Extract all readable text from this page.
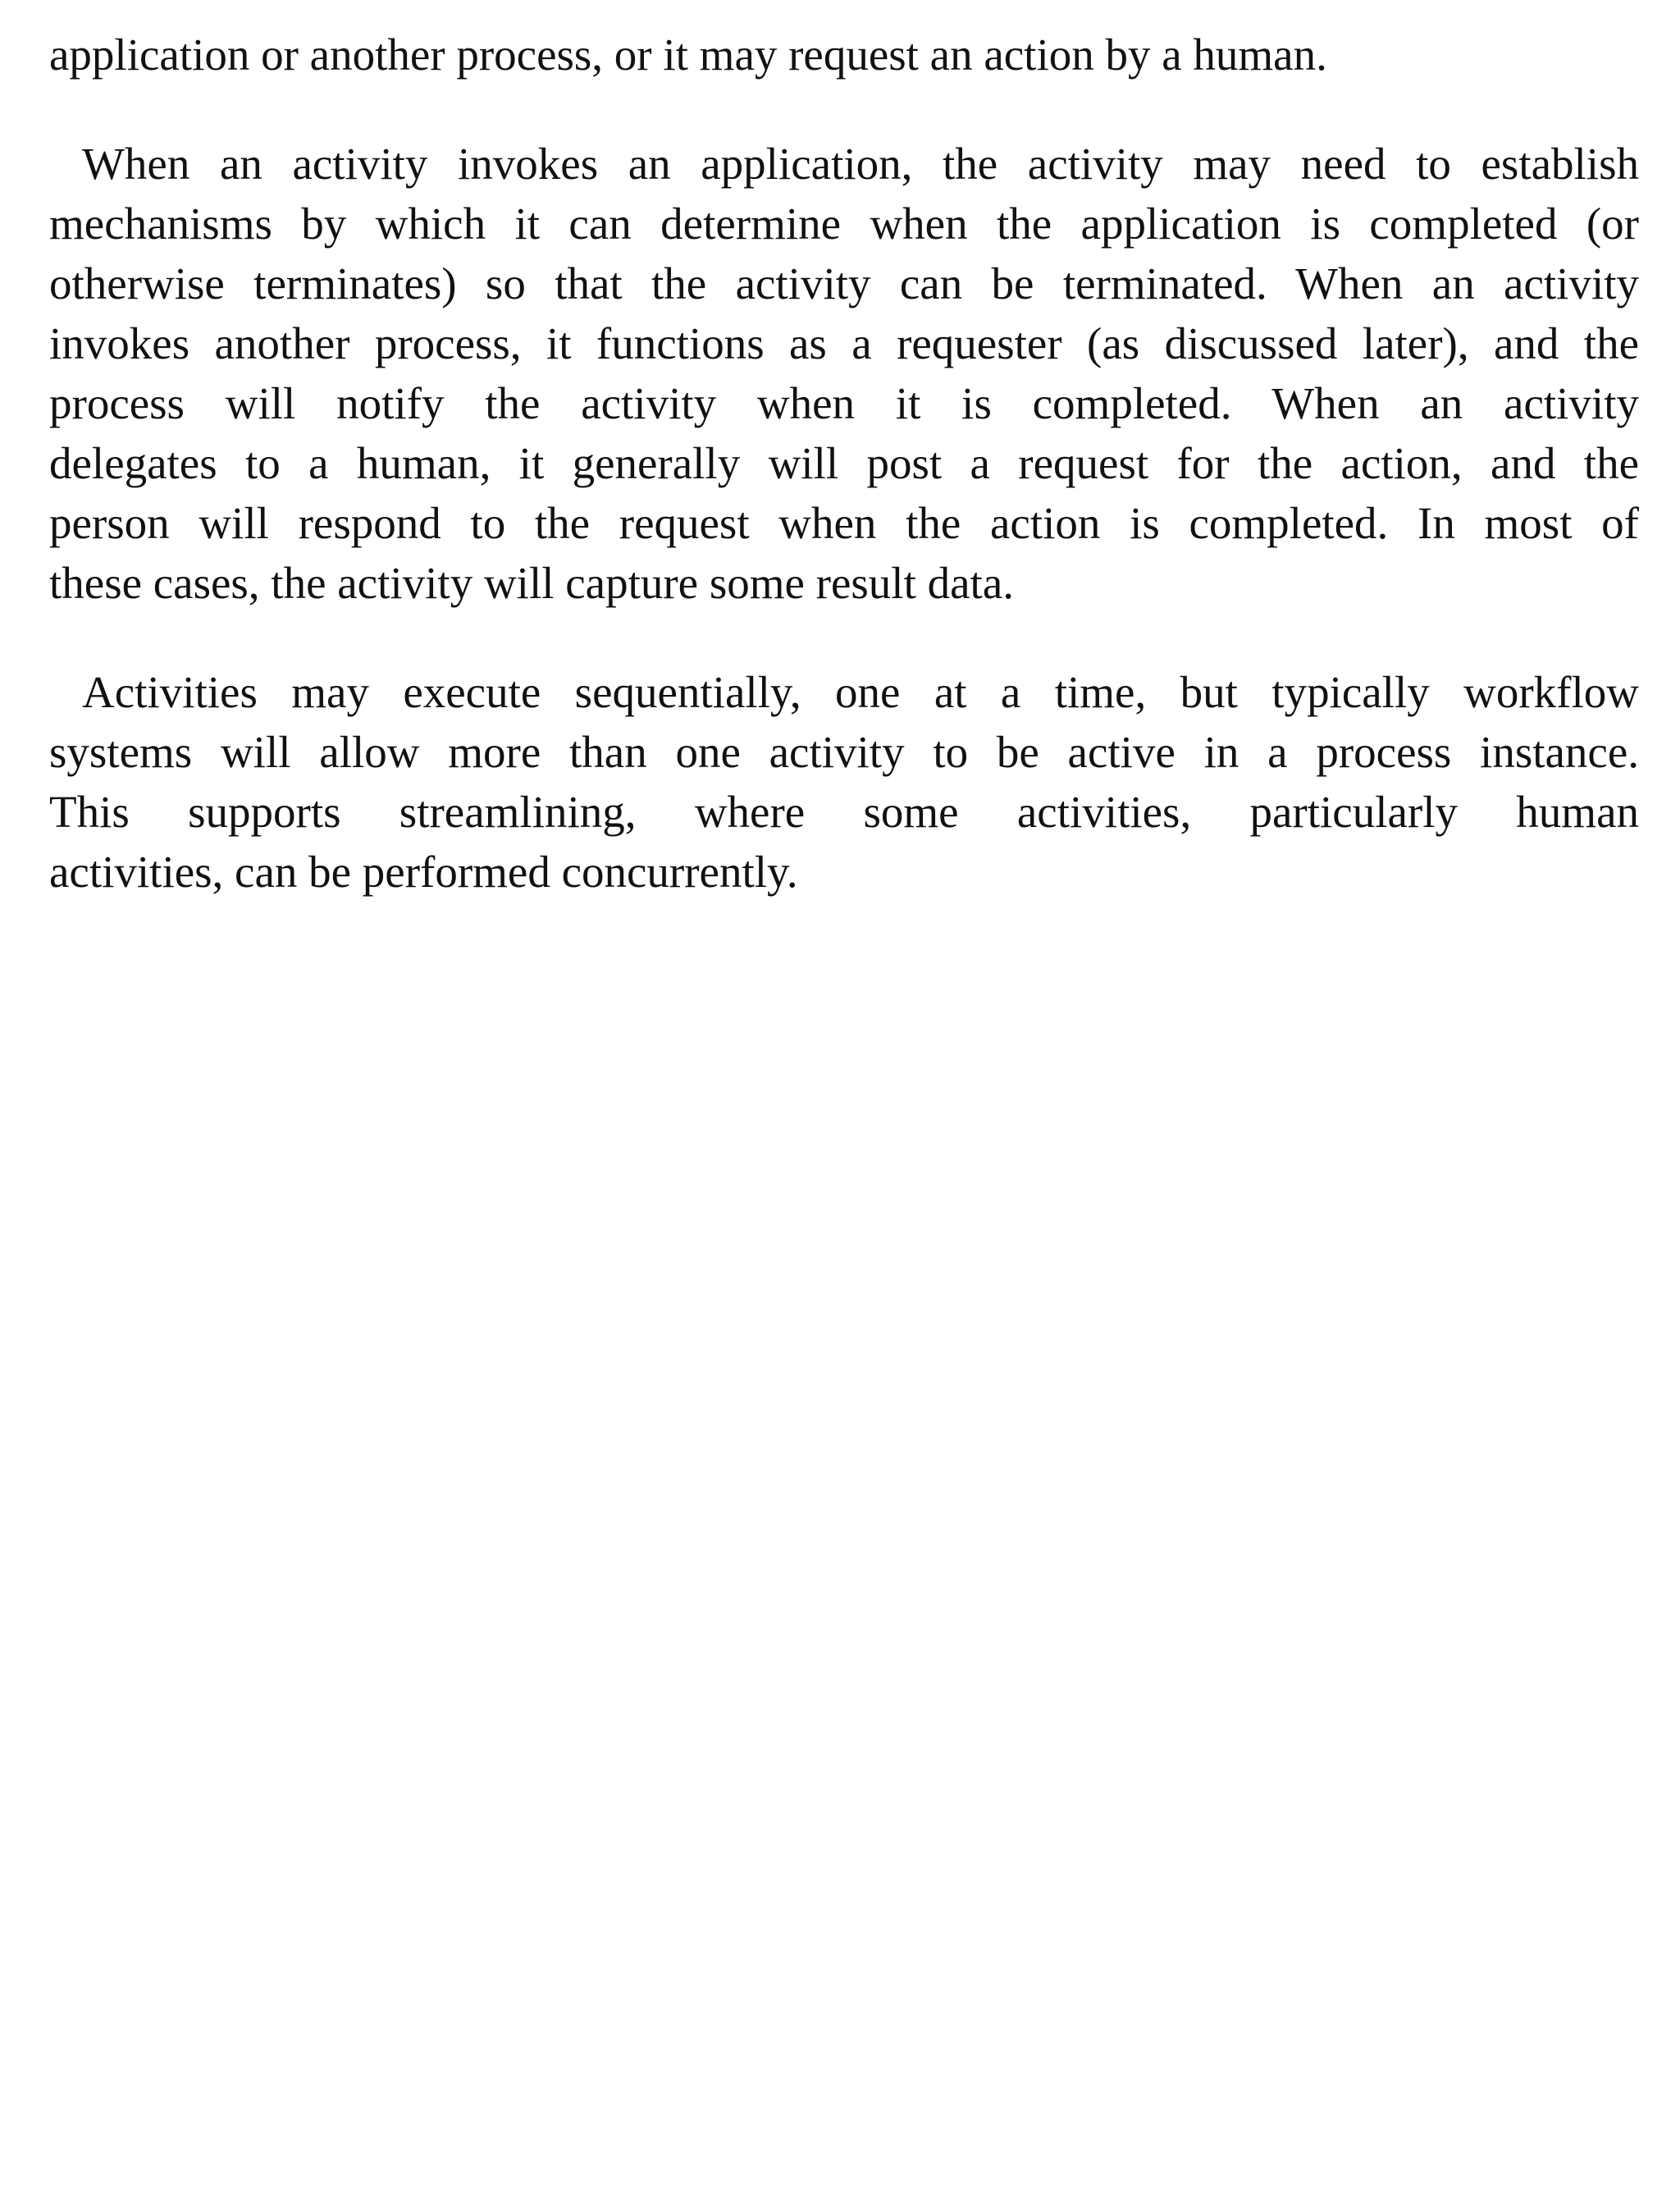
application or another process, or it may request an action by a human.
When an activity invokes an application, the activity may need to establish
mechanisms by which it can determine when the application is completed (or
otherwise terminates) so that the activity can be terminated. When an activity
invokes another process, it functions as a requester (as discussed later), and the
process will notify the activity when it is completed. When an activity
delegates to a human, it generally will post a request for the action, and the
person will respond to the request when the action is completed. In most of
these cases, the activity will capture some result data.
Activities may execute sequentially, one at a time, but typically workflow
systems will allow more than one activity to be active in a process instance.
This supports streamlining, where some activities, particularly human
activities, can be performed concurrently.
